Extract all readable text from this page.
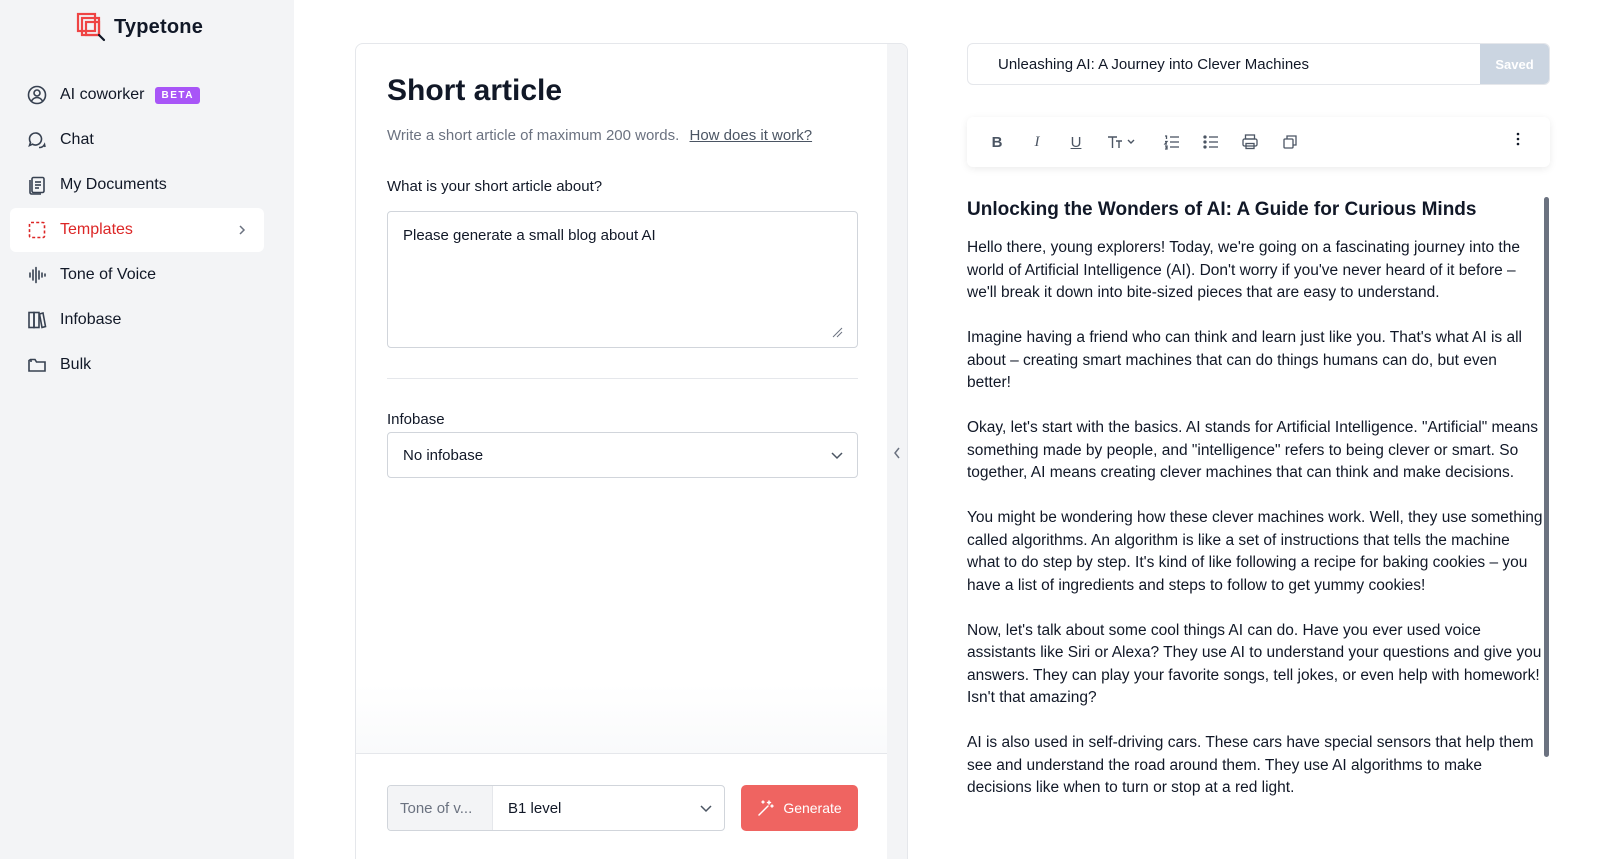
Typetone
AI coworker	BETA
Chat
My Documents
Templates
Tone of Voice
Infobase
Bulk
Short article
Write a short article of maximum 200 words. How does it work?
What is your short article about?
Please generate a small blog about AI
Infobase
No infobase
Tone of v...	B1 level	Generate
Unleashing AI: A Journey into Clever Machines
Saved
B	I	U
Unlocking the Wonders of AI: A Guide for Curious Minds

Hello there, young explorers! Today, we're going on a fascinating journey into the world of Artificial Intelligence (AI). Don't worry if you've never heard of it before – we'll break it down into bite-sized pieces that are easy to understand.

Imagine having a friend who can think and learn just like you. That's what AI is all about – creating smart machines that can do things humans can do, but even better!

Okay, let's start with the basics. AI stands for Artificial Intelligence. "Artificial" means something made by people, and "intelligence" refers to being clever or smart. So together, AI means creating clever machines that can think and make decisions.

You might be wondering how these clever machines work. Well, they use something called algorithms. An algorithm is like a set of instructions that tells the machine what to do step by step. It's kind of like following a recipe for baking cookies – you have a list of ingredients and steps to follow to get yummy cookies!

Now, let's talk about some cool things AI can do. Have you ever used voice assistants like Siri or Alexa? They use AI to understand your questions and give you answers. They can play your favorite songs, tell jokes, or even help with homework! Isn't that amazing?

AI is also used in self-driving cars. These cars have special sensors that help them see and understand the road around them. They use AI algorithms to make decisions like when to turn or stop at a red light.
